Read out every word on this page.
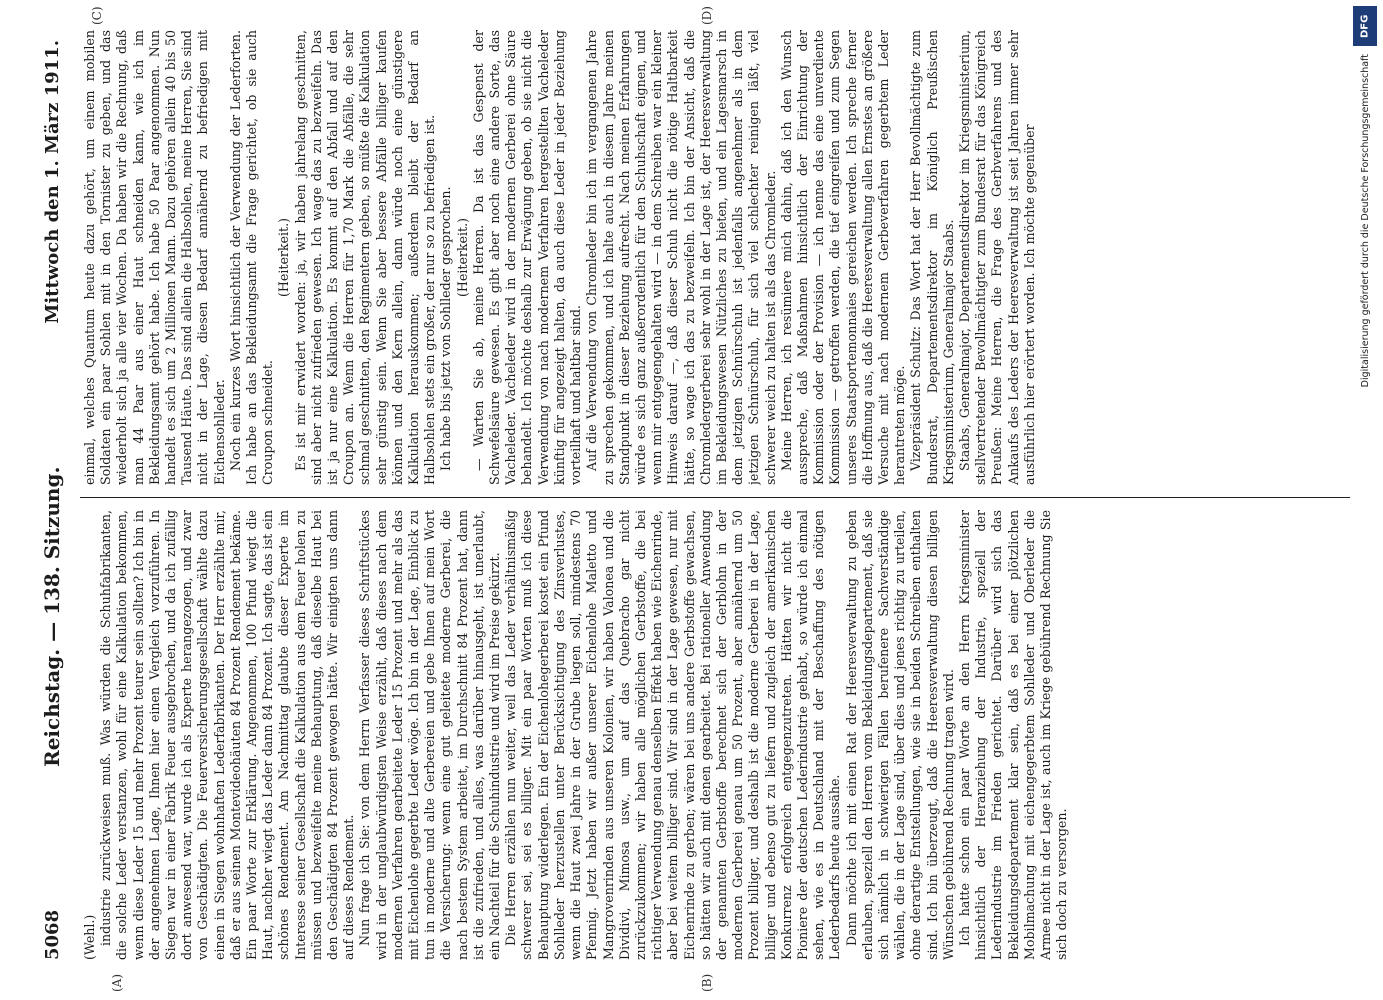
5068
Reichstag. — 138. Sitzung.
Mittwoch den 1. März 1911.
(A)	(B)
(C)	(D)

(Wehl.) industrie zurückweisen muß. Was würden die Schuhfabrikanten, die solche Leder verstanzen, wohl für eine Kalkulation bekommen, wenn diese Leder 15 und mehr Prozent teurer sein sollten? Ich bin in der angenehmen Lage, Ihnen hier einen Vergleich vorzuführen. In Siegen war in einer Fabrik Feuer ausgebrochen, und da ich zufällig dort anwesend war, wurde ich als Experte herangezogen, und zwar von Geschädigten. Die Feuerversicherungsgesellschaft wählte dazu einen in Siegen wohnhaften Lederfabrikanten. Der Herr erzählte mir, daß er aus seinen Montevideohäuten 84 Prozent Rendement bekäme. Ein paar Worte zur Erklärung. Angenommen, 100 Pfund wiegt die Haut, nachher wiegt das Leder dann 84 Prozent. Ich sagte, das ist ein schönes Rendement. Am Nachmittag glaubte dieser Experte im Interesse seiner Gesellschaft die Kalkulation aus dem Feuer holen zu müssen und bezweifelte meine Behauptung, daß dieselbe Haut bei den Geschädigten 84 Prozent gewogen hätte. Wir einigten uns dann auf dieses Rendement. Nun frage ich Sie: von dem Herrn Verfasser dieses Schriftstückes wird in der unglaubwürdigsten Weise erzählt, daß dieses nach dem modernen Verfahren gearbeitete Leder 15 Prozent und mehr als das mit Eichenlohe gegerbte Leder wöge. Ich bin in der Lage, Einblick zu tun in moderne und alte Gerbereien und gebe Ihnen auf mein Wort die Versicherung: wenn eine gut geleitete moderne Gerberei, die nach bestem System arbeitet, im Durchschnitt 84 Prozent hat, dann ist die zufrieden, und alles, was darüber hinausgeht, ist unerlaubt, ein Nachteil für die Schuhindustrie und wird im Preise gekürzt. Die Herren erzählen nun weiter, weil das Leder verhältnismäßig schwerer sei, sei es billiger. Mit ein paar Worten muß ich diese Behauptung widerlegen. Ein der Eichenlohegerberei kostet ein Pfund Sohlleder herzustellen unter Berücksichtigung des Zinsverlustes, wenn die Haut zwei Jahre in der Grube liegen soll, mindestens 70 Pfennig. Jetzt haben wir außer unserer Eichenlohe Maletto und Mangrovenrinden aus unseren Kolonien, wir haben Valonea und die Dividivi, Mimosa usw., um auf das Quebracho gar nicht zurückzukommen; wir haben alle möglichen Gerbstoffe, die bei richtiger Verwendung genau denselben Effekt haben wie Eichenrinde, aber bei weitem billiger sind. Wir sind in der Lage gewesen, nur mit Eichenrinde zu gerben; wären bei uns andere Gerbstoffe gewachsen, so hätten wir auch mit denen gearbeitet. Bei rationeller Anwendung der genannten Gerbstoffe berechnet sich der Gerblohn in der modernen Gerberei genau um 50 Prozent, aber annähernd um 50 Prozent billiger, und deshalb ist die moderne Gerberei in der Lage, billiger und ebenso gut zu liefern und zugleich der amerikanischen Konkurrenz erfolgreich entgegenzutreten. Hätten wir nicht die Pioniere der deutschen Lederindustrie gehabt, so würde ich einmal sehen, wie es in Deutschland mit der Beschaffung des nötigen Lederbedarfs heute aussähe. Dann möchte ich mit einen Rat der Heeresverwaltung zu geben erlauben, speziell den Herren vom Bekleidungsdepartement, daß sie sich nämlich in schwierigen Fällen berufenere Sachverständige wählen, die in der Lage sind, über dies und jenes richtig zu urteilen, ohne derartige Entstellungen, wie sie in beiden Schreiben enthalten sind. Ich bin überzeugt, daß die Heeresverwaltung diesen billigen Wünschen gebührend Rechnung tragen wird. Ich hatte schon ein paar Worte an den Herrn Kriegsminister hinsichtlich der Heranziehung der Industrie, speziell der Lederindustrie im Frieden gerichtet. Darüber wird sich das Bekleidungsdepartement klar sein, daß es bei einer plötzlichen Mobilmachung mit eichengegerbtem Sohlleder und Oberleder die Armee nicht in der Lage ist, auch im Kriege gebührend Rechnung Sie sich doch zu versorgen.

einmal, welches Quantum heute dazu gehört, um einem mobilen Soldaten ein paar Sohlen mit in den Tornister zu geben, und das wiederholt sich ja alle vier Wochen. Da haben wir die Rechnung, daß man 44 Paar aus einer Haut schneiden kann, wie ich im Bekleidungsamt gehört habe. Ich habe 50 Paar angenommen. Nun handelt es sich um 2 Millionen Mann. Dazu gehören allein 40 bis 50 Tausend Häute. Das sind allein die Halbsohlen, meine Herren, Sie sind nicht in der Lage, diesen Bedarf annähernd zu befriedigen mit Eichensohlleder. Noch ein kurzes Wort hinsichtlich der Verwendung der Lederforten. Ich habe an das Bekleidungsamt die Frage gerichtet, ob sie auch Croupon schneidet.

(Heiterkeit.) Es ist mir erwidert worden: ja, wir haben jahrelang geschnitten, sind aber nicht zufrieden gewesen. Ich wage das zu bezweifeln. Das ist ja nur eine Kalkulation. Es kommt auf den Abfall und auf den Croupon an. Wenn die Herren für 1,70 Mark die Abfälle, die sehr schmal geschnitten, den Regimentern geben, so müßte die Kalkulation sehr günstig sein. Wenn Sie aber bessere Abfälle billiger kaufen können und den Kern allein, dann würde noch eine günstigere Kalkulation herauskommen; außerdem bleibt der Bedarf an Halbsohlen stets ein großer, der nur so zu befriedigen ist. Ich habe bis jetzt von Sohlleder gesprochen. (Heiterkeit.) — Warten Sie ab, meine Herren. Da ist das Gespenst der Schwefelsäure gewesen. Es gibt aber noch eine andere Sorte, das Vacheleder. Vacheleder wird in der modernen Gerberei ohne Säure behandelt. Ich möchte deshalb zur Erwägung geben, ob sie nicht die Verwendung von nach modernem Verfahren hergestellten Vacheleder künftig für angezeigt halten, da auch diese Leder in jeder Beziehung vorteilhaft und haltbar sind. Auf die Verwendung von Chromleder bin ich im vergangenen Jahre zu sprechen gekommen, und ich halte auch in diesem Jahre meinen Standpunkt in dieser Beziehung aufrecht. Nach meinen Erfahrungen würde es sich ganz außerordentlich für den Schuhschaft eignen, und wenn mir entgegengehalten wird — in dem Schreiben war ein kleiner Hinweis darauf —, daß dieser Schuh nicht die nötige Haltbarkeit hätte, so wage ich das zu bezweifeln. Ich bin der Ansicht, daß die Chromledergerberei sehr wohl in der Lage ist, der Heeresverwaltung im Bekleidungswesen Nützliches zu bieten, und ein Lagesmarsch in dem jetzigen Schnürschuh ist jedenfalls angenehmer als in dem jetzigen Schnürschuh, für sich viel schlechter reinigen läßt, viel schwerer weich zu halten ist als das Chromleder. Meine Herren, ich resümiere mich dahin, daß ich den Wunsch ausspreche, daß Maßnahmen hinsichtlich der Einrichtung der Kommission oder der Provision — ich nenne das eine unverdiente Kommission — getroffen werden, die tief eingreifen und zum Segen unseres Staatsportemonnaies gereichen werden. Ich spreche ferner die Hoffnung aus, daß die Heeresverwaltung allen Ernstes an größere Versuche mit nach modernem Gerbeverfahren gegerbtem Leder herantreten möge. Vizepräsident Schultz: Das Wort hat der Herr Bevollmächtigte zum Bundesrat, Departementsdirektor im Königlich Preußischen Kriegsministerium, Generalmajor Staabs. Staabs, Generalmajor, Departementsdirektor im Kriegsministerium, stellvertretender Bevollmächtigter zum Bundesrat für das Königreich Preußen: Meine Herren, die Frage des Gerbverfahrens und des Ankaufs des Leders der Heeresverwaltung ist seit Jahren immer sehr ausführlich hier erörtert worden. Ich möchte gegenüber

DFG
Digitalisierung gefördert durch die Deutsche Forschungsgemeinschaft
